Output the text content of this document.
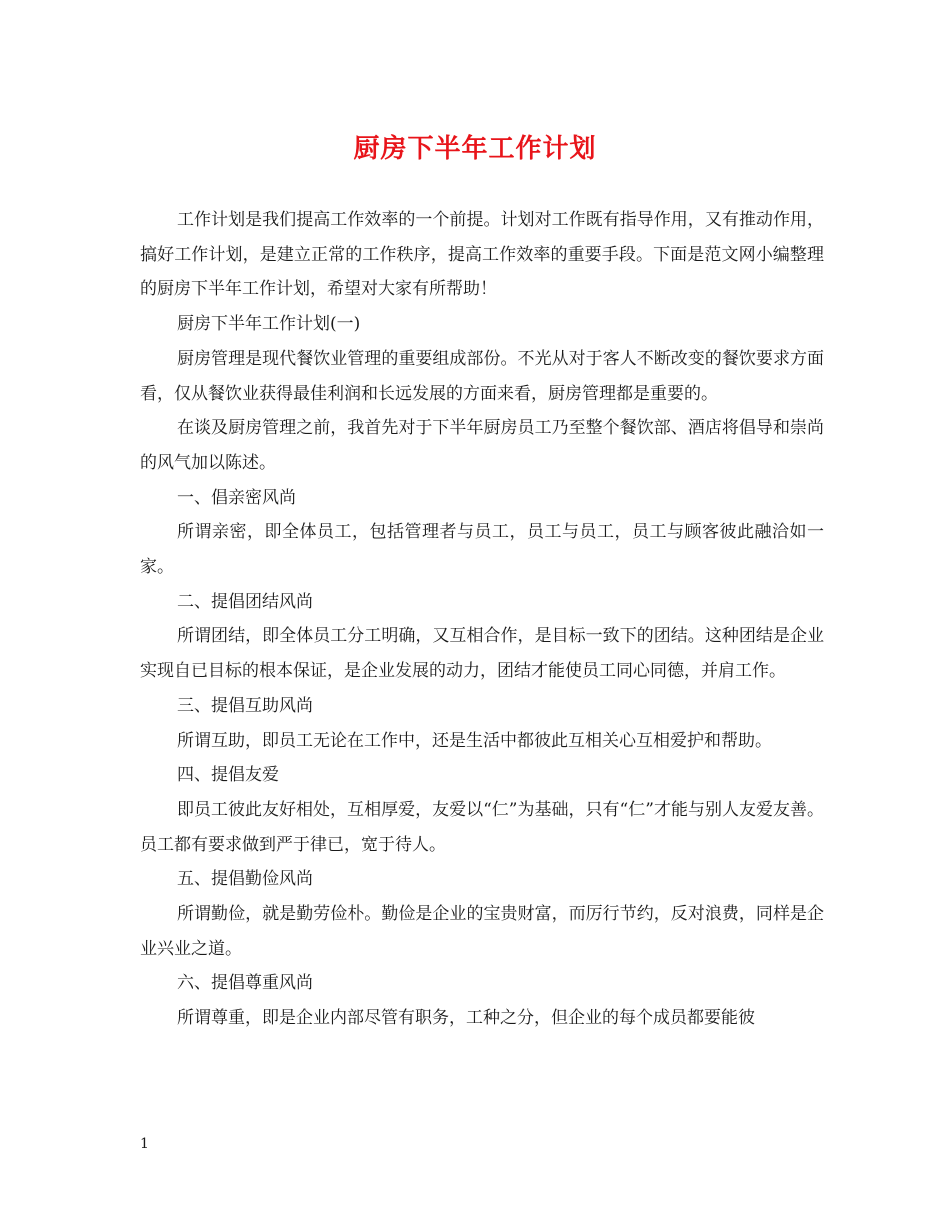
厨房下半年工作计划

工作计划是我们提高工作效率的一个前提。计划对工作既有指导作用，又有推动作用，搞好工作计划，是建立正常的工作秩序，提高工作效率的重要手段。下面是范文网小编整理的厨房下半年工作计划，希望对大家有所帮助！

厨房下半年工作计划(一)

厨房管理是现代餐饮业管理的重要组成部份。不光从对于客人不断改变的餐饮要求方面看，仅从餐饮业获得最佳利润和长远发展的方面来看，厨房管理都是重要的。

在谈及厨房管理之前，我首先对于下半年厨房员工乃至整个餐饮部、酒店将倡导和崇尚的风气加以陈述。

一、倡亲密风尚

所谓亲密，即全体员工，包括管理者与员工，员工与员工，员工与顾客彼此融洽如一家。

二、提倡团结风尚

所谓团结，即全体员工分工明确，又互相合作，是目标一致下的团结。这种团结是企业实现自已目标的根本保证，是企业发展的动力，团结才能使员工同心同德，并肩工作。

三、提倡互助风尚

所谓互助，即员工无论在工作中，还是生活中都彼此互相关心互相爱护和帮助。

四、提倡友爱

即员工彼此友好相处，互相厚爱，友爱以“仁”为基础，只有“仁”才能与别人友爱友善。员工都有要求做到严于律已，宽于待人。

五、提倡勤俭风尚

所谓勤俭，就是勤劳俭朴。勤俭是企业的宝贵财富，而厉行节约，反对浪费，同样是企业兴业之道。

六、提倡尊重风尚

所谓尊重，即是企业内部尽管有职务，工种之分，但企业的每个成员都要能彼

1
